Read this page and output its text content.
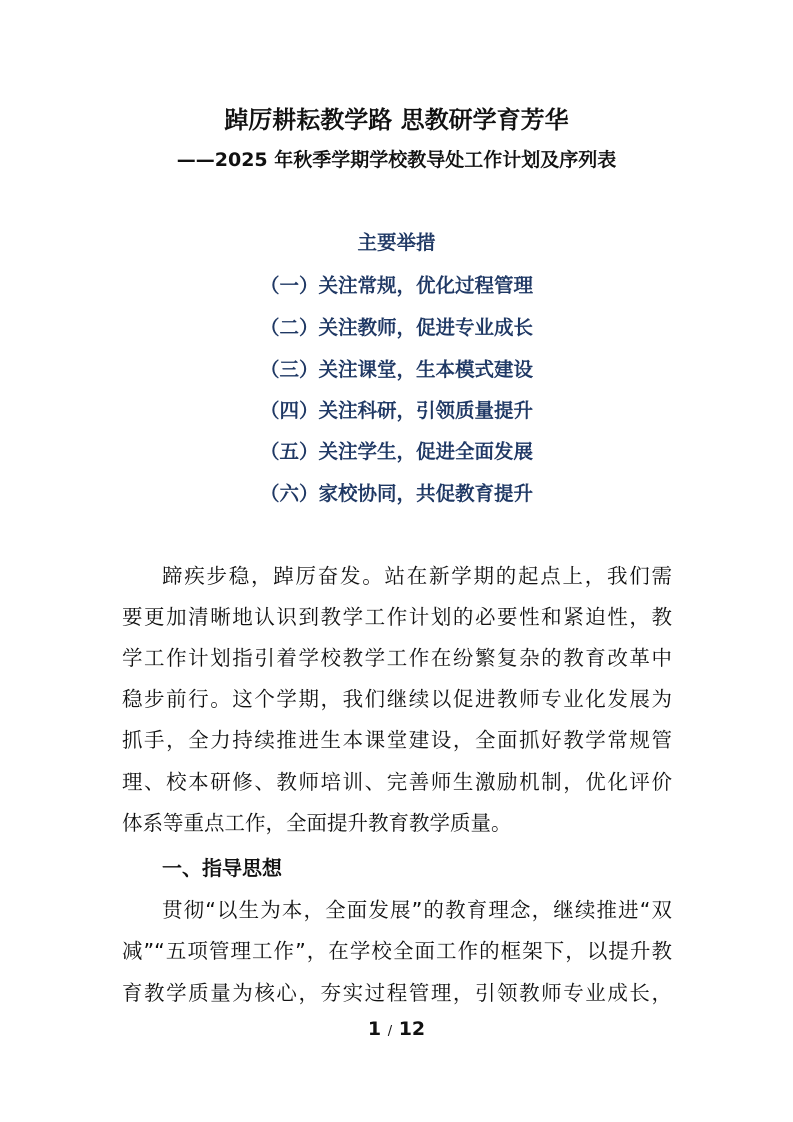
踔厉耕耘教学路 思教研学育芳华
——2025 年秋季学期学校教导处工作计划及序列表
主要举措
（一）关注常规，优化过程管理
（二）关注教师，促进专业成长
（三）关注课堂，生本模式建设
（四）关注科研，引领质量提升
（五）关注学生，促进全面发展
（六）家校协同，共促教育提升
蹄疾步稳，踔厉奋发。站在新学期的起点上，我们需
要更加清晰地认识到教学工作计划的必要性和紧迫性，教
学工作计划指引着学校教学工作在纷繁复杂的教育改革中
稳步前行。这个学期，我们继续以促进教师专业化发展为
抓手，全力持续推进生本课堂建设，全面抓好教学常规管
理、校本研修、教师培训、完善师生激励机制，优化评价
体系等重点工作，全面提升教育教学质量。
一、指导思想
贯彻“以生为本，全面发展”的教育理念，继续推进“双
减”“五项管理工作”，在学校全面工作的框架下，以提升教
育教学质量为核心，夯实过程管理，引领教师专业成长，
1 / 12
